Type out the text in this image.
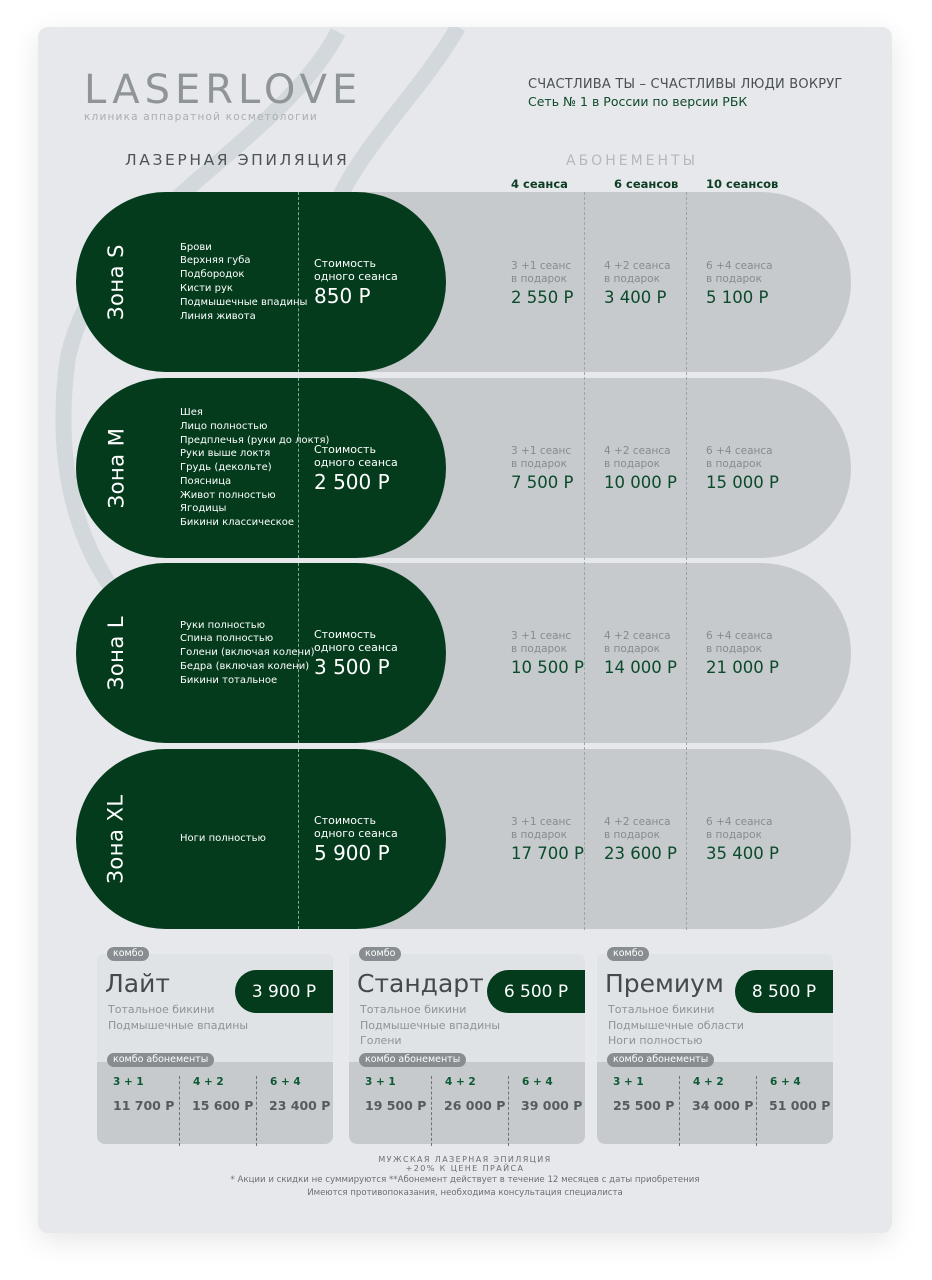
LASERLOVE
клиника аппаратной косметологии
СЧАСТЛИВА ТЫ – СЧАСТЛИВЫ ЛЮДИ ВОКРУГ
Сеть № 1 в России по версии РБК
ЛАЗЕРНАЯ ЭПИЛЯЦИЯ	АБОНЕМЕНТЫ
4 сеанса	6 сеансов 10 сеансов
Зона S	Брови
Верхняя губа
Подбородок
Кисти рук
Подмышечные впадины
Линия живота
Стоимость
одного сеанса
850 Р
3 +1 сеанс
в подарок
4 +2 сеанса
в подарок
6 +4 сеанса
в подарок
2 550 Р 3 400 Р 5 100 Р
Зона M
Шея
Лицо полностью
Предплечья (руки до локтя)
Руки выше локтя
Грудь (декольте)
Поясница
Живот полностью
Ягодицы
Бикини классическое
Стоимость
одного сеанса
2 500 Р
3 +1 сеанс
в подарок
4 +2 сеанса
в подарок
6 +4 сеанса
в подарок
7 500 Р 10 000 Р 15 000 Р
Зона L	Руки полностью
Спина полностью
Голени (включая колени)
Бедра (включая колени)
Бикини тотальное
Стоимость
одного сеанса
3 500 Р
3 +1 сеанс
в подарок
4 +2 сеанса
в подарок
6 +4 сеанса
в подарок
10 500 Р 14 000 Р 21 000 Р
Зона XL	Ноги полностью
Стоимость
одного сеанса
5 900 Р
3 +1 сеанс
в подарок
4 +2 сеанса
в подарок
6 +4 сеанса
в подарок
17 700 Р 23 600 Р 35 400 Р
комбо
Лайт	3 900 Р
Тотальное бикини
Подмышечные впадины
комбо абонементы
3 + 1	4 + 2	6 + 4
11 700 Р 15 600 Р 23 400 Р
комбо
Стандарт	6 500 Р
Тотальное бикини
Подмышечные впадины
Голени
комбо абонементы
3 + 1	4 + 2	6 + 4
19 500 Р 26 000 Р 39 000 Р
комбо
Премиум	8 500 Р
Тотальное бикини
Подмышечные области
Ноги полностью
комбо абонементы
3 + 1	4 + 2	6 + 4
25 500 Р 34 000 Р 51 000 Р
МУЖСКАЯ ЛАЗЕРНАЯ ЭПИЛЯЦИЯ
+20% К ЦЕНЕ ПРАЙСА
* Акции и скидки не суммируются **Абонемент действует в течение 12 месяцев с даты приобретения
Имеются противопоказания, необходима консультация специалиста
